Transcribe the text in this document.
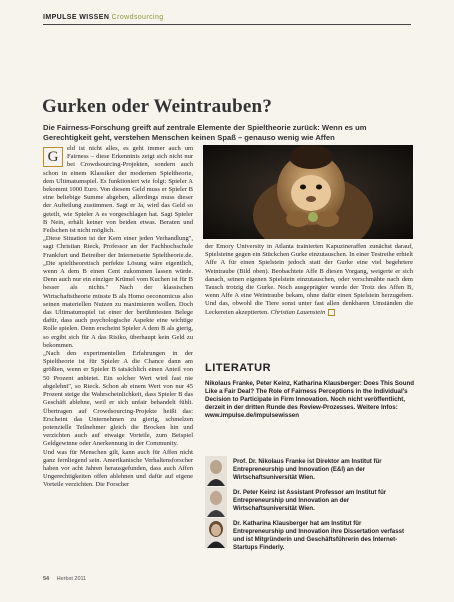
IMPULSE WISSEN Crowdsourcing
Gurken oder Weintrauben?
Die Fairness-Forschung greift auf zentrale Elemente der Spieltheorie zurück: Wenn es um Gerechtigkeit geht, verstehen Menschen keinen Spaß – genauso wenig wie Affen

G
eld ist nicht alles, es geht immer auch um Fairness – diese Erkenntnis zeigt sich nicht nur bei Crowdsourcing-Projekten, sondern auch schon in einem Klassiker der modernen Spieltheorie, dem Ultimatumspiel. Es funktioniert wie folgt: Spieler A bekommt 1000 Euro. Von diesem Geld muss er Spieler B eine beliebige Summe abgeben, allerdings muss dieser der Aufteilung zustimmen. Sagt er Ja, wird das Geld so geteilt, wie Spieler A es vorgeschlagen hat. Sagt Spieler B Nein, erhält keiner von beiden etwas. Beraten und Feilschen ist nicht möglich.

„Diese Situation ist der Kern einer jeden Verhandlung", sagt Christian Rieck, Professor an der Fachhochschule Frankfurt und Betreiber der Internetseite Spieltheorie.de. „Die spieltheoretisch perfekte Lösung wäre eigentlich, wenn A dem B einen Cent zukommen lassen würde. Denn auch nur ein einziger Krümel vom Kuchen ist für B besser als nichts." Nach der klassischen Wirtschaftstheorie müsste B als Homo oeconomicus also seinen materiellen Nutzen zu maximieren wollen. Doch das Ultimatumspiel ist einer der berühmtesten Belege dafür, dass auch psychologische Aspekte eine wichtige Rolle spielen. Denn erscheint Spieler A dem B als gierig, so ergibt sich für A das Risiko, überhaupt kein Geld zu bekommen.

„Nach den experimentellen Erfahrungen in der Spieltheorie ist für Spieler A die Chance dann am größten, wenn er Spieler B tatsächlich einen Anteil von 50 Prozent anbietet. Ein solcher Wert wird fast nie abgelehnt", so Rieck. Schon ab einem Wert von nur 45 Prozent steige die Wahrscheinlichkeit, dass Spieler B das Geschäft ablehne, weil er sich unfair behandelt fühlt. Übertragen auf Crowdsourcing-Projekte heißt das: Erscheint das Unternehmen zu gierig, schmelzen potenzielle Teilnehmer gleich die Brocken hin und verzichten auch auf etwaige Vorteile, zum Beispiel Geldgewinne oder Anerkennung in der Community.

Und was für Menschen gilt, kann auch für Affen nicht ganz fernliegend sein. Amerikanische Verhaltensforscher haben vor acht Jahren herausgefunden, dass auch Affen Ungerechtigkeiten offen ablehnen und dafür auf eigene Vorteile verzichten. Die Forscher

der Emory University in Atlanta trainierten Kapuzineraffen zunächst darauf, Spielsteine gegen ein Stückchen Gurke einzutauschen. In einer Testreihe erhielt Affe A für einen Spielstein jedoch statt der Gurke eine viel begehrtere Weintraube (Bild oben). Beobachtete Affe B diesen Vorgang, weigerte er sich danach, seinen eigenen Spielstein einzutauschen, oder verschmähte nach dem Tausch trotzig die Gurke. Noch ausgeprägter wurde der Trotz des Affen B, wenn Affe A eine Weintraube bekam, ohne dafür einen Spielstein herzugeben. Und das, obwohl die Tiere sonst unter fast allen denkbaren Umständen die Leckereien akzeptierten. Christian Lauenstein

LITERATUR
Nikolaus Franke, Peter Keinz, Katharina Klausberger: Does This Sound Like a Fair Deal? The Role of Fairness Perceptions in the Individual's Decision to Participate in Firm Innovation. Noch nicht veröffentlicht, derzeit in der dritten Runde des Review-Prozesses. Weitere Infos: www.impulse.de/impulsewissen
Prof. Dr. Nikolaus Franke ist Direktor am Institut für Entrepreneurship und Innovation (E&I) an der Wirtschaftsuniversität Wien.
Dr. Peter Keinz ist Assistant Professor am Institut für Entrepreneurship und Innovation an der Wirtschaftsuniversität Wien.
Dr. Katharina Klausberger hat am Institut für Entrepreneurship und Innovation ihre Dissertation verfasst und ist Mitgründerin und Geschäftsführerin des Internet-Startups Finderly.
54 Herbst 2011
